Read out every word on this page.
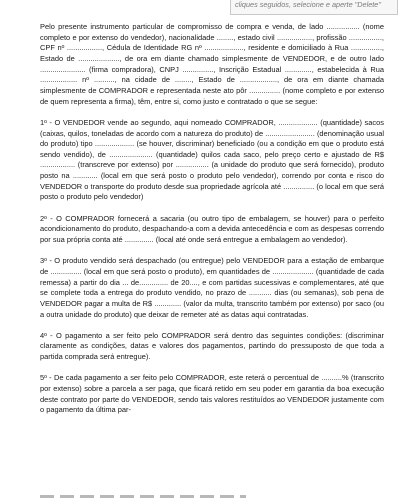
cliques seguidos, selecione e aperte "Delete"

Pelo presente instrumento particular de compromisso de compra e venda, de lado ................ (nome completo e por extenso do vendedor), nacionalidade ........, estado civil ................., profissão ................, CPF nº ................., Cédula de Identidade RG nº ..................., residente e domiciliado à Rua ..............., Estado de ...................., de ora em diante chamado simplesmente de VENDEDOR, e de outro lado ...................... (firma compradora), CNPJ ..............., Inscrição Estadual ............., estabelecida à Rua .................. nº .........., na cidade de ........, Estado de .................., de ora em diante chamada simplesmente de COMPRADOR e representada neste ato pôr ............... (nome completo e por extenso de quem representa a firma), têm, entre si, como justo e contratado o que se segue:

1º - O VENDEDOR vende ao segundo, aqui nomeado COMPRADOR, ................... (quantidade) sacos (caixas, quilos, toneladas de acordo com a natureza do produto) de ........................ (denominação usual do produto) tipo ................... (se houver, discriminar) beneficiado (ou a condição em que o produto está sendo vendido), de ..................... (quantidade) quilos cada saco, pelo preço certo e ajustado de R$ ................. (transcreve por extenso) por ................ (a unidade do produto que será fornecido), produto posto na ............ (local em que será posto o produto pelo vendedor), correndo por conta e risco do VENDEDOR o transporte do produto desde sua propriedade agrícola até ............... (o local em que será posto o produto pelo vendedor)

2º - O COMPRADOR fornecerá a sacaria (ou outro tipo de embalagem, se houver) para o perfeito acondicionamento do produto, despachando-a com a devida antecedência e com as despesas correndo por sua própria conta até .............. (local até onde será entregue a embalagem ao vendedor).

3º - O produto vendido será despachado (ou entregue) pelo VENDEDOR para a estação de embarque de ............... (local em que será posto o produto), em quantidades de .................... (quantidade de cada remessa) a partir do dia ... de.............. de 20...., e com partidas sucessivas e complementares, até que se complete toda a entrega do produto vendido, no prazo de ........... dias (ou semanas), sob pena de VENDEDOR pagar a multa de R$ ............. (valor da multa, transcrito também por extenso) por saco (ou a outra unidade do produto) que deixar de remeter até as datas aqui contratadas.

4º - O pagamento a ser feito pelo COMPRADOR será dentro das seguintes condições: (discriminar claramente as condições, datas e valores dos pagamentos, partindo do pressuposto de que toda a partida comprada será entregue).

5º - De cada pagamento a ser feito pelo COMPRADOR, este reterá o percentual de ..........% (transcrito por extenso) sobre a parcela a ser paga, que ficará retido em seu poder em garantia da boa execução deste contrato por parte do VENDEDOR, sendo tais valores restituídos ao VENDEDOR justamente com o pagamento da última par-
